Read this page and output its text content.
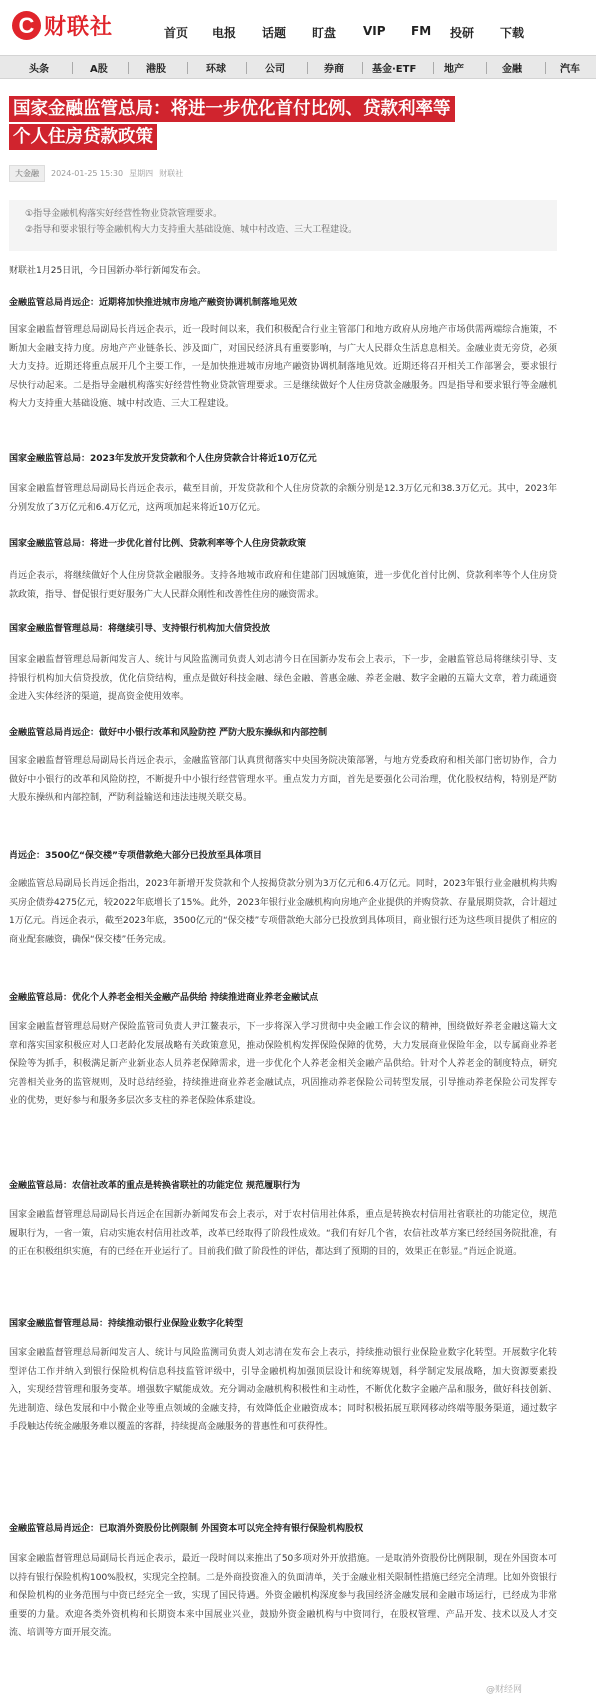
C 财联社	首页 电报 话题 盯盘 VIP FM 投研 下载
头条	A股	港股	环球	公司	券商	基金·ETF	地产	金融	汽车
国家金融监管总局：将进一步优化首付比例、贷款利率等
个人住房贷款政策
大金融	2024-01-25 15:30 星期四 财联社

①指导金融机构落实好经营性物业贷款管理要求。

②指导和要求银行等金融机构大力支持重大基础设施、城中村改造、三大工程建设。

财联社1月25日讯，今日国新办举行新闻发布会。

金融监管总局肖远企：近期将加快推进城市房地产融资协调机制落地见效

国家金融监督管理总局副局长肖远企表示，近一段时间以来，我们积极配合行业主管部门和地方政府从房地产市场供需两端综合施策，不断加大金融支持力度。房地产产业链条长、涉及面广，对国民经济具有重要影响，与广大人民群众生活息息相关。金融业责无旁贷，必须大力支持。近期还将重点展开几个主要工作，一是加快推进城市房地产融资协调机制落地见效。近期还将召开相关工作部署会，要求银行尽快行动起来。二是指导金融机构落实好经营性物业贷款管理要求。三是继续做好个人住房贷款金融服务。四是指导和要求银行等金融机构大力支持重大基础设施、城中村改造、三大工程建设。

国家金融监管总局：2023年发放开发贷款和个人住房贷款合计将近10万亿元

国家金融监督管理总局副局长肖远企表示，截至目前，开发贷款和个人住房贷款的余额分别是12.3万亿元和38.3万亿元。其中，2023年分别发放了3万亿元和6.4万亿元，这两项加起来将近10万亿元。

国家金融监管总局：将进一步优化首付比例、贷款利率等个人住房贷款政策

肖远企表示，将继续做好个人住房贷款金融服务。支持各地城市政府和住建部门因城施策，进一步优化首付比例、贷款利率等个人住房贷款政策，指导、督促银行更好服务广大人民群众刚性和改善性住房的融资需求。

国家金融监督管理总局：将继续引导、支持银行机构加大信贷投放

国家金融监督管理总局新闻发言人、统计与风险监测司负责人刘志清今日在国新办发布会上表示，下一步，金融监管总局将继续引导、支持银行机构加大信贷投放，优化信贷结构，重点是做好科技金融、绿色金融、普惠金融、养老金融、数字金融的五篇大文章，着力疏通资金进入实体经济的渠道，提高资金使用效率。

金融监管总局肖远企：做好中小银行改革和风险防控 严防大股东操纵和内部控制

国家金融监督管理总局副局长肖远企表示，金融监管部门认真贯彻落实中央国务院决策部署，与地方党委政府和相关部门密切协作，合力做好中小银行的改革和风险防控，不断提升中小银行经营管理水平。重点发力方面，首先是要强化公司治理，优化股权结构，特别是严防大股东操纵和内部控制，严防利益输送和违法违规关联交易。

肖远企：3500亿“保交楼”专项借款绝大部分已投放至具体项目

金融监管总局副局长肖远企指出，2023年新增开发贷款和个人按揭贷款分别为3万亿元和6.4万亿元。同时，2023年银行业金融机构共购买房企债券4275亿元，较2022年底增长了15%。此外，2023年银行业金融机构向房地产企业提供的并购贷款、存量展期贷款，合计超过1万亿元。肖远企表示，截至2023年底，3500亿元的“保交楼”专项借款绝大部分已投放到具体项目，商业银行还为这些项目提供了相应的商业配套融资，确保“保交楼”任务完成。

金融监管总局：优化个人养老金相关金融产品供给 持续推进商业养老金融试点

国家金融监督管理总局财产保险监管司负责人尹江鳌表示，下一步将深入学习贯彻中央金融工作会议的精神，围绕做好养老金融这篇大文章和落实国家积极应对人口老龄化发展战略有关政策意见，推动保险机构发挥保险保障的优势，大力发展商业保险年金，以专属商业养老保险等为抓手，积极满足新产业新业态人员养老保障需求，进一步优化个人养老金相关金融产品供给。针对个人养老金的制度特点，研究完善相关业务的监管规则，及时总结经验，持续推进商业养老金融试点，巩固推动养老保险公司转型发展，引导推动养老保险公司发挥专业的优势，更好参与和服务多层次多支柱的养老保险体系建设。

金融监管总局：农信社改革的重点是转换省联社的功能定位 规范履职行为

国家金融监督管理总局副局长肖远企在国新办新闻发布会上表示，对于农村信用社体系，重点是转换农村信用社省联社的功能定位，规范履职行为，一省一策，启动实施农村信用社改革，改革已经取得了阶段性成效。“我们有好几个省，农信社改革方案已经经国务院批准，有的正在积极组织实施，有的已经在开业运行了。目前我们做了阶段性的评估，都达到了预期的目的，效果正在彰显。”肖远企说道。

国家金融监督管理总局：持续推动银行业保险业数字化转型

国家金融监督管理总局新闻发言人、统计与风险监测司负责人刘志清在发布会上表示，持续推动银行业保险业数字化转型。开展数字化转型评估工作并纳入到银行保险机构信息科技监管评级中，引导金融机构加强顶层设计和统筹规划，科学制定发展战略，加大资源要素投入，实现经营管理和服务变革。增强数字赋能成效。充分调动金融机构积极性和主动性，不断优化数字金融产品和服务，做好科技创新、先进制造、绿色发展和中小微企业等重点领域的金融支持，有效降低企业融资成本；同时积极拓展互联网移动终端等服务渠道，通过数字手段触达传统金融服务难以覆盖的客群，持续提高金融服务的普惠性和可获得性。

金融监管总局肖远企：已取消外资股份比例限制 外国资本可以完全持有银行保险机构股权

国家金融监督管理总局副局长肖远企表示，最近一段时间以来推出了50多项对外开放措施。一是取消外资股份比例限制，现在外国资本可以持有银行保险机构100%股权，实现完全控制。二是外商投资准入的负面清单，关于金融业相关限制性措施已经完全清理。比如外资银行和保险机构的业务范围与中资已经完全一致，实现了国民待遇。外资金融机构深度参与我国经济金融发展和金融市场运行，已经成为非常重要的力量。欢迎各类外资机构和长期资本来中国展业兴业，鼓励外资金融机构与中资同行，在股权管理、产品开发、技术以及人才交流、培训等方面开展交流。

@财经网
